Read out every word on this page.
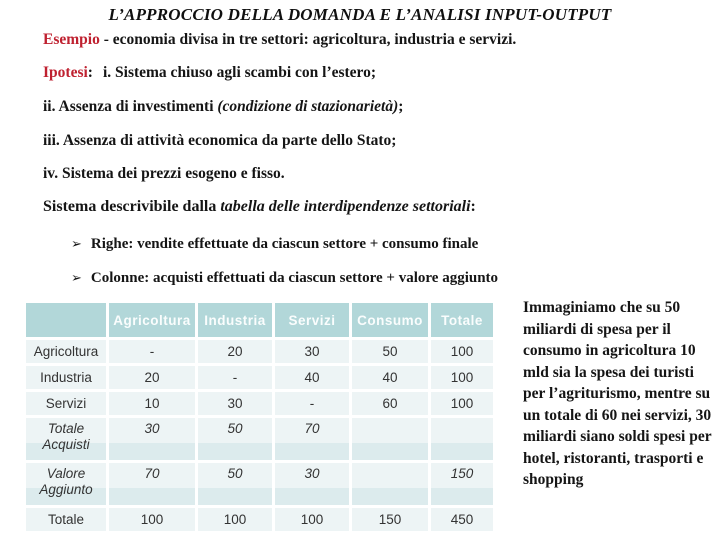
L’APPROCCIO DELLA DOMANDA E L’ANALISI INPUT-OUTPUT
Esempio - economia divisa in tre settori: agricoltura, industria e servizi.
Ipotesi: i. Sistema chiuso agli scambi con l’estero;
ii. Assenza di investimenti (condizione di stazionarietà);
iii. Assenza di attività economica da parte dello Stato;
iv. Sistema dei prezzi esogeno e fisso.
Sistema descrivibile dalla tabella delle interdipendenze settoriali:
➢ Righe: vendite effettuate da ciascun settore + consumo finale
➢ Colonne: acquisti effettuati da ciascun settore + valore aggiunto
	Agricoltura	Industria	Servizi	Consumo	Totale
Agricoltura	-	20	30	50	100
Industria	20	-	40	40	100
Servizi	10	30	-	60	100
Totale Acquisti	30	50	70		
Valore Aggiunto	70	50	30		150
Totale	100	100	100	150	450
Immaginiamo che su 50 miliardi di spesa per il consumo in agricoltura 10 mld sia la spesa dei turisti per l’agriturismo, mentre su un totale di 60 nei servizi, 30 miliardi siano soldi spesi per hotel, ristoranti, trasporti e shopping
